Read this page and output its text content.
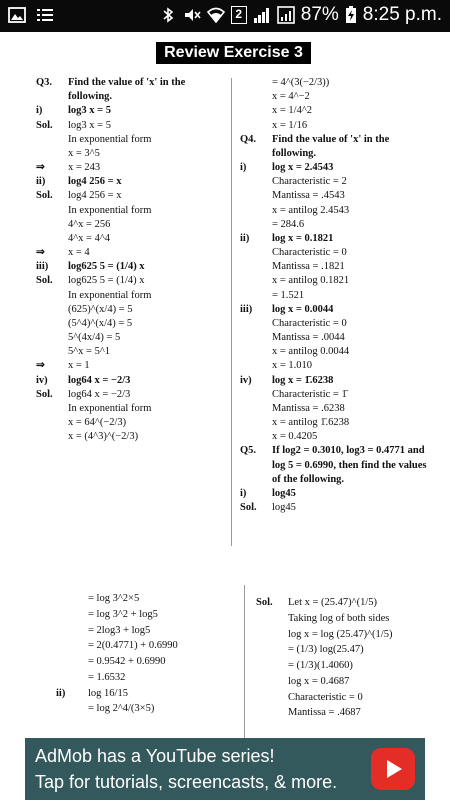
2	87% 8:25 p.m.
Review Exercise 3
Q3.	Find the value of 'x' in the following.
i)	log3 x = 5
Sol.	log3 x = 5
In exponential form
x = 3^5
⇒	x = 243
ii)	log4 256 = x
Sol.	log4 256 = x
In exponential form
4^x = 256
4^x = 4^4
⇒	x = 4
iii)	log625 5 = (1/4) x
Sol.	log625 5 = (1/4) x
In exponential form
(625)^(x/4) = 5
(5^4)^(x/4) = 5
5^(4x/4) = 5
5^x = 5^1
⇒	x = 1
iv)	log64 x = −2/3
Sol.	log64 x = −2/3
In exponential form
x = 64^(−2/3)
x = (4^3)^(−2/3)
= 4^(3(−2/3))
x = 4^−2
x = 1/4^2
x = 1/16
Q4.	Find the value of 'x' in the following.
i)	log x = 2.4543
Characteristic = 2
Mantissa = .4543
x = antilog 2.4543
= 284.6
ii)	log x = 0.1821
Characteristic = 0
Mantissa = .1821
x = antilog 0.1821
= 1.521
iii)	log x = 0.0044
Characteristic = 0
Mantissa = .0044
x = antilog 0.0044
x = 1.010
iv)	log x = 1̄.6238
Characteristic = 1̄
Mantissa = .6238
x = antilog 1̄.6238
x = 0.4205
Q5.	If log2 = 0.3010, log3 = 0.4771 and log 5 = 0.6990, then find the values of the following.
i)	log45
Sol.	log45
= log 3^2×5
= log 3^2 + log5
= 2log3 + log5
= 2(0.4771) + 0.6990
= 0.9542 + 0.6990
= 1.6532
ii)	log 16/15
= log 2^4/(3×5)
Sol.	Let x = (25.47)^(1/5)
Taking log of both sides
log x = log (25.47)^(1/5)
= (1/3) log(25.47)
= (1/3)(1.4060)
log x = 0.4687
Characteristic = 0
Mantissa = .4687
AdMob has a YouTube series!
Tap for tutorials, screencasts, & more.
